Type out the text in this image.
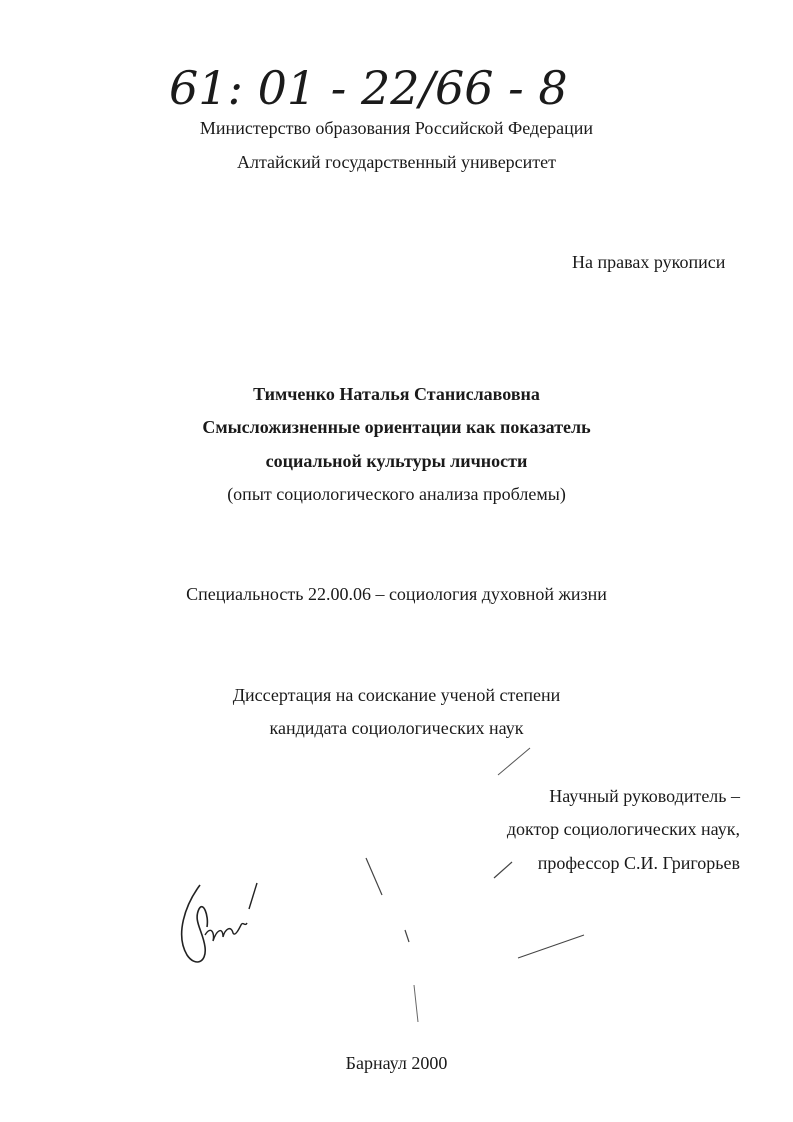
61: 01 - 22/66 - 8
Министерство образования Российской Федерации
Алтайский государственный университет
На правах рукописи
Тимченко Наталья Станиславовна
Смысложизненные ориентации как показатель
социальной культуры личности
(опыт социологического анализа проблемы)
Специальность 22.00.06 – социология духовной жизни
Диссертация на соискание ученой степени
кандидата социологических наук
Научный руководитель –
доктор социологических наук,
профессор С.И. Григорьев
Барнаул 2000
